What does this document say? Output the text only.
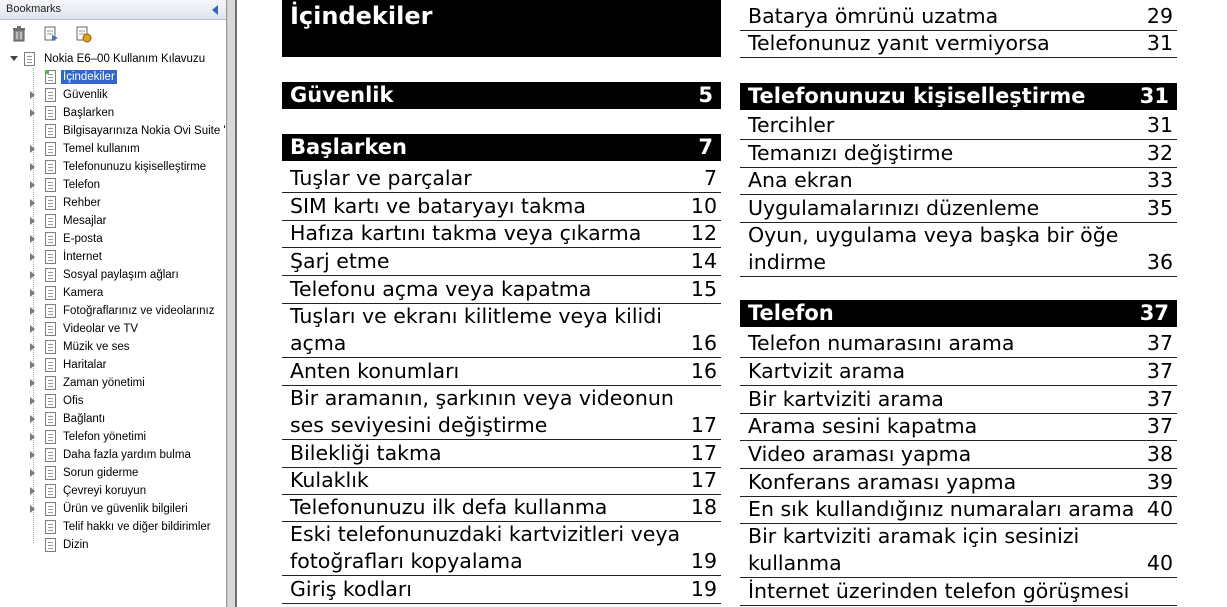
Bookmarks
Nokia E6–00 Kullanım Kılavuzu
İçindekiler
Güvenlik
Başlarken
Bilgisayarınıza Nokia Ovi Suite '
Temel kullanım
Telefonunuzu kişiselleştirme
Telefon
Rehber
Mesajlar
E-posta
İnternet
Sosyal paylaşım ağları
Kamera
Fotoğraflarınız ve videolarınız
Videolar ve TV
Müzik ve ses
Haritalar
Zaman yönetimi
Ofis
Bağlantı
Telefon yönetimi
Daha fazla yardım bulma
Sorun giderme
Çevreyi koruyun
Ürün ve güvenlik bilgileri
Telif hakkı ve diğer bildirimler
Dizin
İçindekiler
Güvenlik	5
Başlarken	7
Tuşlar ve parçalar	7
SIM kartı ve bataryayı takma	10
Hafıza kartını takma veya çıkarma	12
Şarj etme	14
Telefonu açma veya kapatma	15
Tuşları ve ekranı kilitleme veya kilidi
açma	16
Anten konumları	16
Bir aramanın, şarkının veya videonun
ses seviyesini değiştirme	17
Bilekliği takma	17
Kulaklık	17
Telefonunuzu ilk defa kullanma	18
Eski telefonunuzdaki kartvizitleri veya
fotoğrafları kopyalama	19
Giriş kodları	19
Batarya ömrünü uzatma	29
Telefonunuz yanıt vermiyorsa	31
Telefonunuzu kişiselleştirme	31
Tercihler	31
Temanızı değiştirme	32
Ana ekran	33
Uygulamalarınızı düzenleme	35
Oyun, uygulama veya başka bir öğe
indirme	36
Telefon	37
Telefon numarasını arama	37
Kartvizit arama	37
Bir kartviziti arama	37
Arama sesini kapatma	37
Video araması yapma	38
Konferans araması yapma	39
En sık kullandığınız numaraları arama 40
Bir kartviziti aramak için sesinizi
kullanma	40
İnternet üzerinden telefon görüşmesi
